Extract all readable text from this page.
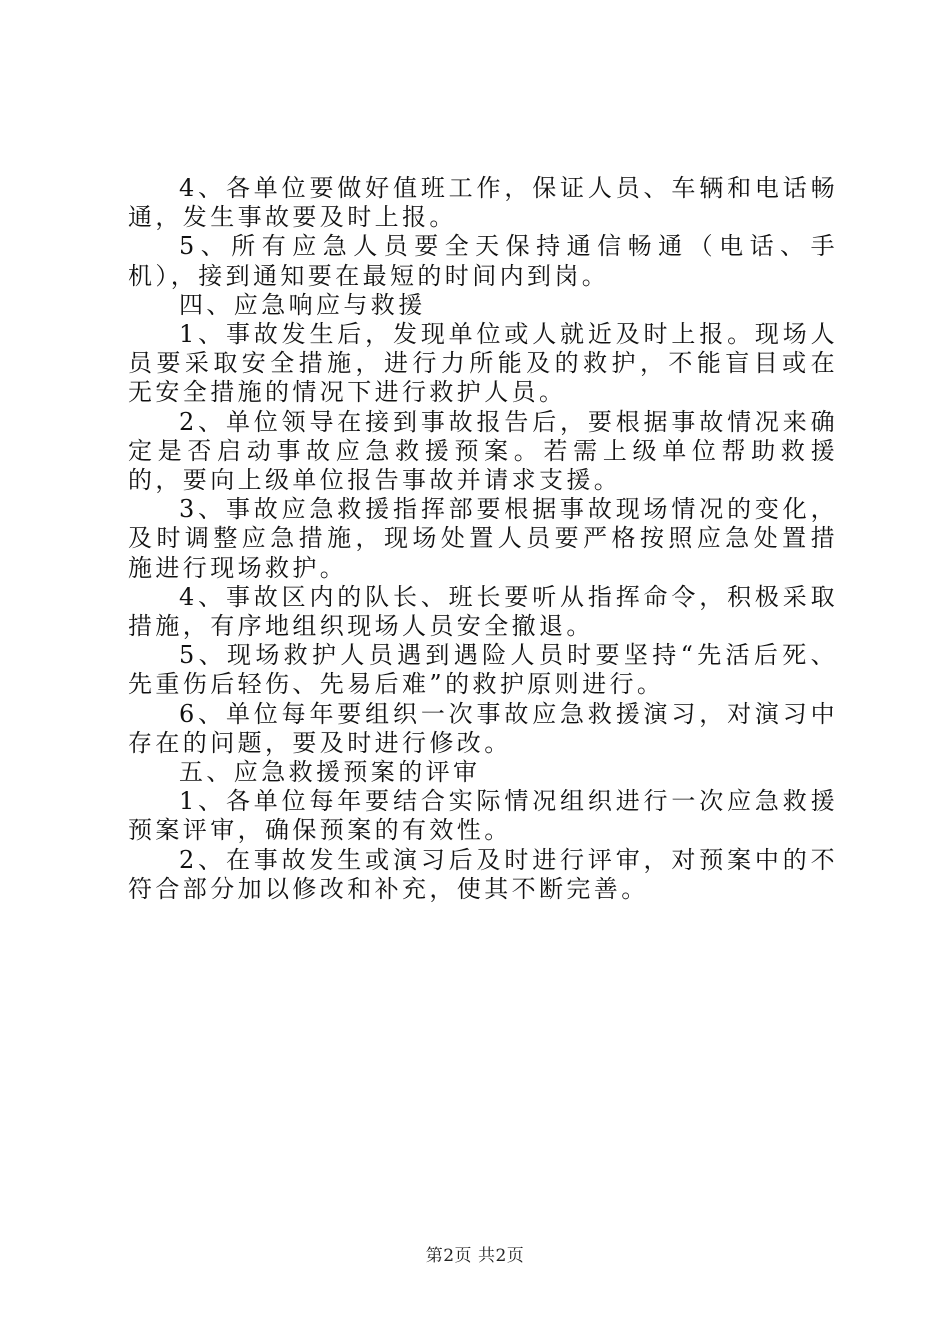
4、各单位要做好值班工作，保证人员、车辆和电话畅通，发生事故要及时上报。

5、所有应急人员要全天保持通信畅通（电话、手机），接到通知要在最短的时间内到岗。

四、应急响应与救援

1、事故发生后，发现单位或人就近及时上报。现场人员要采取安全措施，进行力所能及的救护，不能盲目或在无安全措施的情况下进行救护人员。

2、单位领导在接到事故报告后，要根据事故情况来确定是否启动事故应急救援预案。若需上级单位帮助救援的，要向上级单位报告事故并请求支援。

3、事故应急救援指挥部要根据事故现场情况的变化，及时调整应急措施，现场处置人员要严格按照应急处置措施进行现场救护。

4、事故区内的队长、班长要听从指挥命令，积极采取措施，有序地组织现场人员安全撤退。

5、现场救护人员遇到遇险人员时要坚持“先活后死、先重伤后轻伤、先易后难”的救护原则进行。

6、单位每年要组织一次事故应急救援演习，对演习中存在的问题，要及时进行修改。

五、应急救援预案的评审

1、各单位每年要结合实际情况组织进行一次应急救援预案评审，确保预案的有效性。

2、在事故发生或演习后及时进行评审，对预案中的不符合部分加以修改和补充，使其不断完善。

第2页 共2页
